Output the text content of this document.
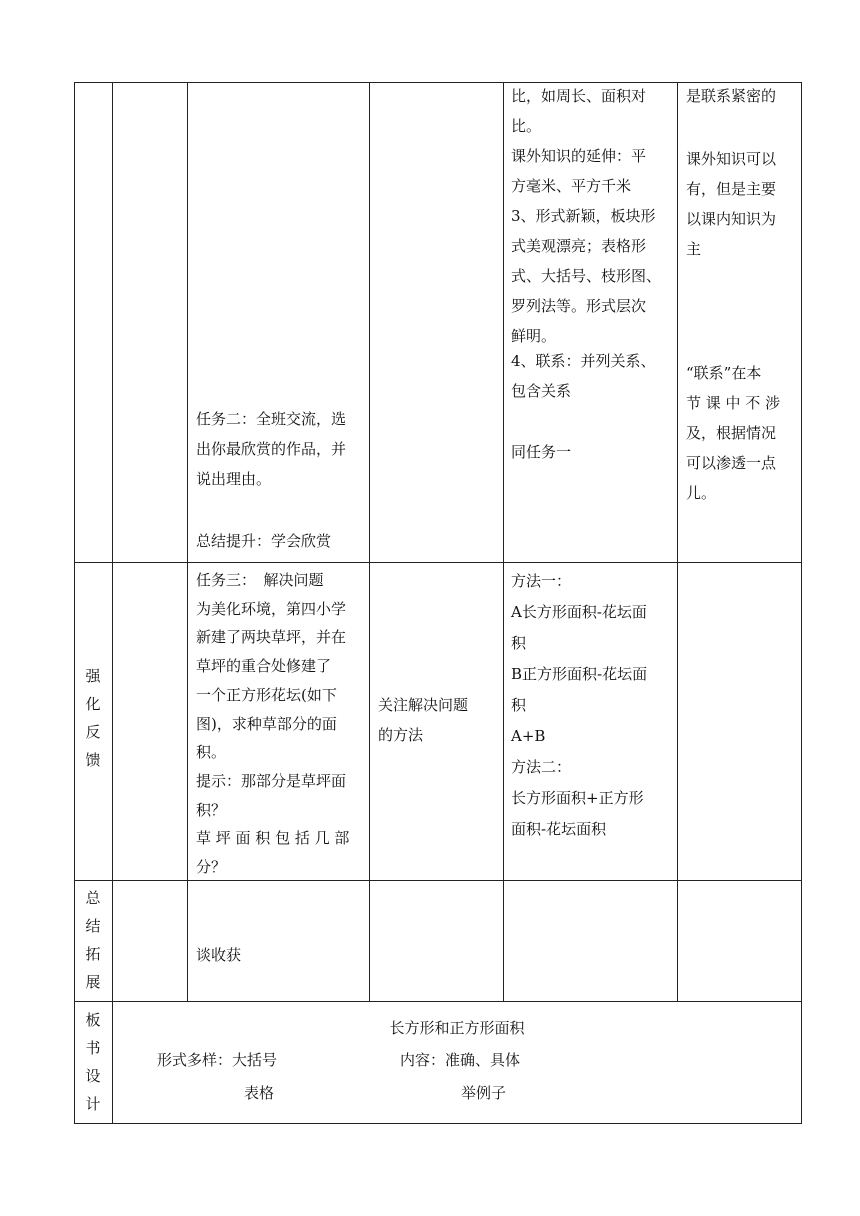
任务二：全班交流，选

出你最欣赏的作品，并

说出理由。

总结提升：学会欣赏

比，如周长、面积对

比。

课外知识的延伸：平

方毫米、平方千米

3、形式新颖，板块形

式美观漂亮；表格形

式、大括号、枝形图、

罗列法等。形式层次

鲜明。

4、联系：并列关系、

包含关系

同任务一

是联系紧密的

课外知识可以

有，但是主要

以课内知识为

主

“联系”在本

节 课 中 不 涉

及，根据情况

可以渗透一点

儿。

强
化
反
馈

任务三：　解决问题

为美化环境，第四小学

新建了两块草坪，并在

草坪的重合处修建了

一个正方形花坛(如下

图)，求种草部分的面

积。

提示：那部分是草坪面

积？

草 坪 面 积 包 括 几 部

分？

关注解决问题

的方法

方法一：

A长方形面积-花坛面

积

B正方形面积-花坛面

积

A+B

方法二：

长方形面积+正方形

面积-花坛面积

总
结
拓
展
谈收获
板
书
设
计
长方形和正方形面积
形式多样：大括号
表格
内容：准确、具体
举例子
